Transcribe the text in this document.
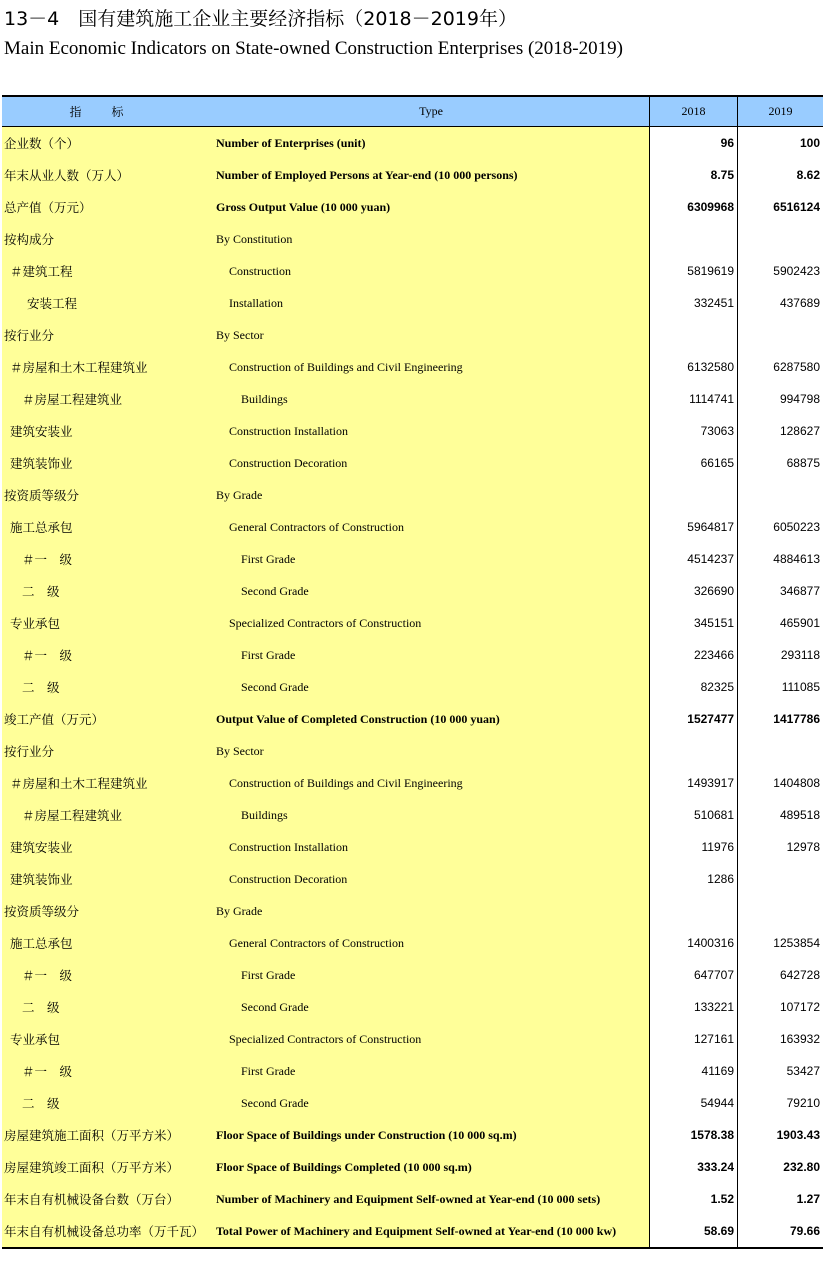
13－4　国有建筑施工企业主要经济指标（2018－2019年）
Main Economic Indicators on State-owned Construction Enterprises (2018-2019)
指　　标	Type	2018	2019
企业数（个）	Number of Enterprises (unit)	96	100
年末从业人数（万人）	Number of Employed Persons at Year-end (10 000 persons)	8.75	8.62
总产值（万元）	Gross Output Value (10 000 yuan)	6309968	6516124
按构成分	By Constitution
＃建筑工程	Construction	5819619	5902423
安装工程	Installation	332451	437689
按行业分	By Sector
＃房屋和土木工程建筑业	Construction of Buildings and Civil Engineering	6132580	6287580
＃房屋工程建筑业	Buildings	1114741	994798
建筑安装业	Construction Installation	73063	128627
建筑装饰业	Construction Decoration	66165	68875
按资质等级分	By Grade
施工总承包	General Contractors of Construction	5964817	6050223
＃一　级	First Grade	4514237	4884613
二　级	Second Grade	326690	346877
专业承包	Specialized Contractors of Construction	345151	465901
＃一　级	First Grade	223466	293118
二　级	Second Grade	82325	111085
竣工产值（万元）	Output Value of Completed Construction (10 000 yuan)	1527477	1417786
按行业分	By Sector
＃房屋和土木工程建筑业	Construction of Buildings and Civil Engineering	1493917	1404808
＃房屋工程建筑业	Buildings	510681	489518
建筑安装业	Construction Installation	11976	12978
建筑装饰业	Construction Decoration	1286
按资质等级分	By Grade
施工总承包	General Contractors of Construction	1400316	1253854
＃一　级	First Grade	647707	642728
二　级	Second Grade	133221	107172
专业承包	Specialized Contractors of Construction	127161	163932
＃一　级	First Grade	41169	53427
二　级	Second Grade	54944	79210
房屋建筑施工面积（万平方米）	Floor Space of Buildings under Construction (10 000 sq.m)	1578.38	1903.43
房屋建筑竣工面积（万平方米）	Floor Space of Buildings Completed (10 000 sq.m)	333.24	232.80
年末自有机械设备台数（万台）	Number of Machinery and Equipment Self-owned at Year-end (10 000 sets)	1.52	1.27
年末自有机械设备总功率（万千瓦） Total Power of Machinery and Equipment Self-owned at Year-end (10 000 kw)	58.69	79.66
